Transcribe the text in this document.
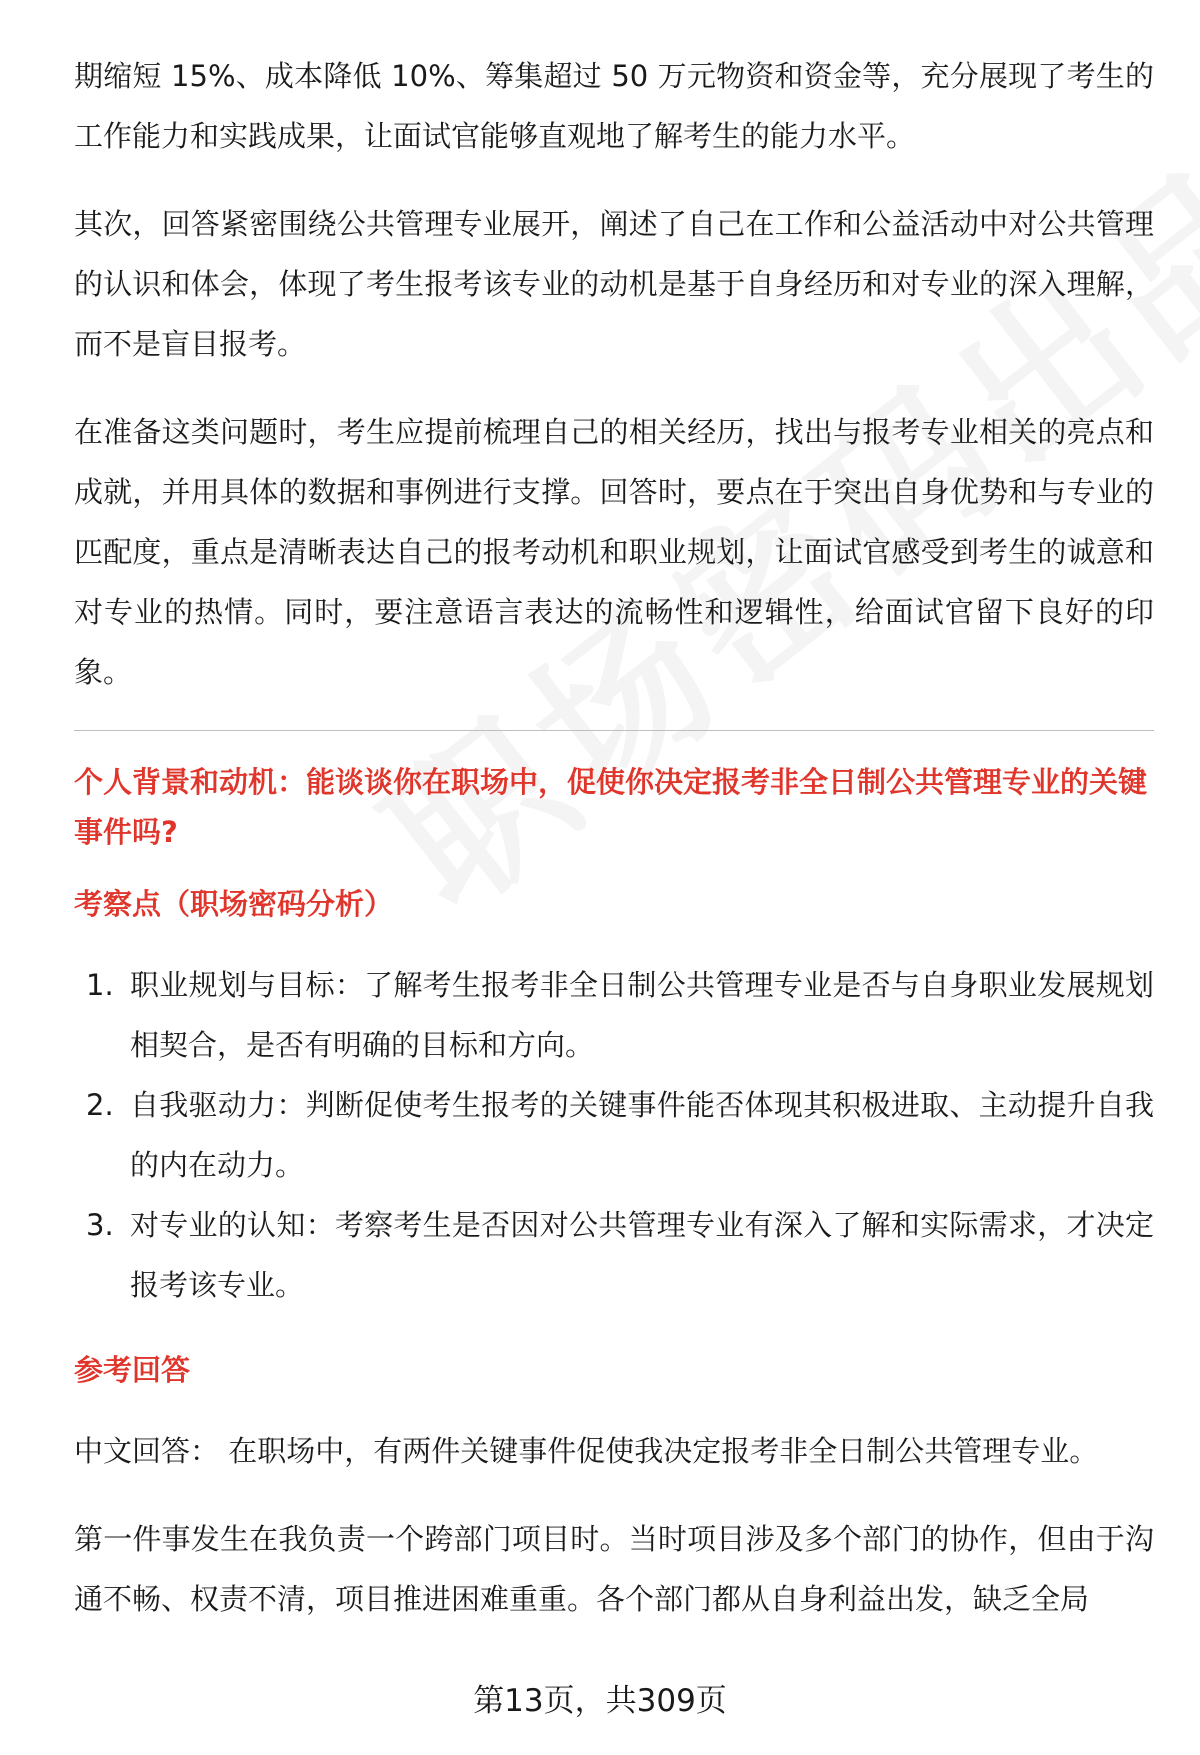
期缩短 15%、成本降低 10%、筹集超过 50 万元物资和资金等，充分展现了考生的工作能力和实践成果，让面试官能够直观地了解考生的能力水平。

其次，回答紧密围绕公共管理专业展开，阐述了自己在工作和公益活动中对公共管理的认识和体会，体现了考生报考该专业的动机是基于自身经历和对专业的深入理解，而不是盲目报考。

在准备这类问题时，考生应提前梳理自己的相关经历，找出与报考专业相关的亮点和成就，并用具体的数据和事例进行支撑。回答时，要点在于突出自身优势和与专业的匹配度，重点是清晰表达自己的报考动机和职业规划，让面试官感受到考生的诚意和对专业的热情。同时，要注意语言表达的流畅性和逻辑性，给面试官留下良好的印象。

个人背景和动机：能谈谈你在职场中，促使你决定报考非全日制公共管理专业的关键事件吗?
考察点（职场密码分析）
1. 职业规划与目标：了解考生报考非全日制公共管理专业是否与自身职业发展规划相契合，是否有明确的目标和方向。
2. 自我驱动力：判断促使考生报考的关键事件能否体现其积极进取、主动提升自我的内在动力。
3. 对专业的认知：考察考生是否因对公共管理专业有深入了解和实际需求，才决定报考该专业。
参考回答

中文回答： 在职场中，有两件关键事件促使我决定报考非全日制公共管理专业。

第一件事发生在我负责一个跨部门项目时。当时项目涉及多个部门的协作，但由于沟通不畅、权责不清，项目推进困难重重。各个部门都从自身利益出发，缺乏全局

第13页，共309页
